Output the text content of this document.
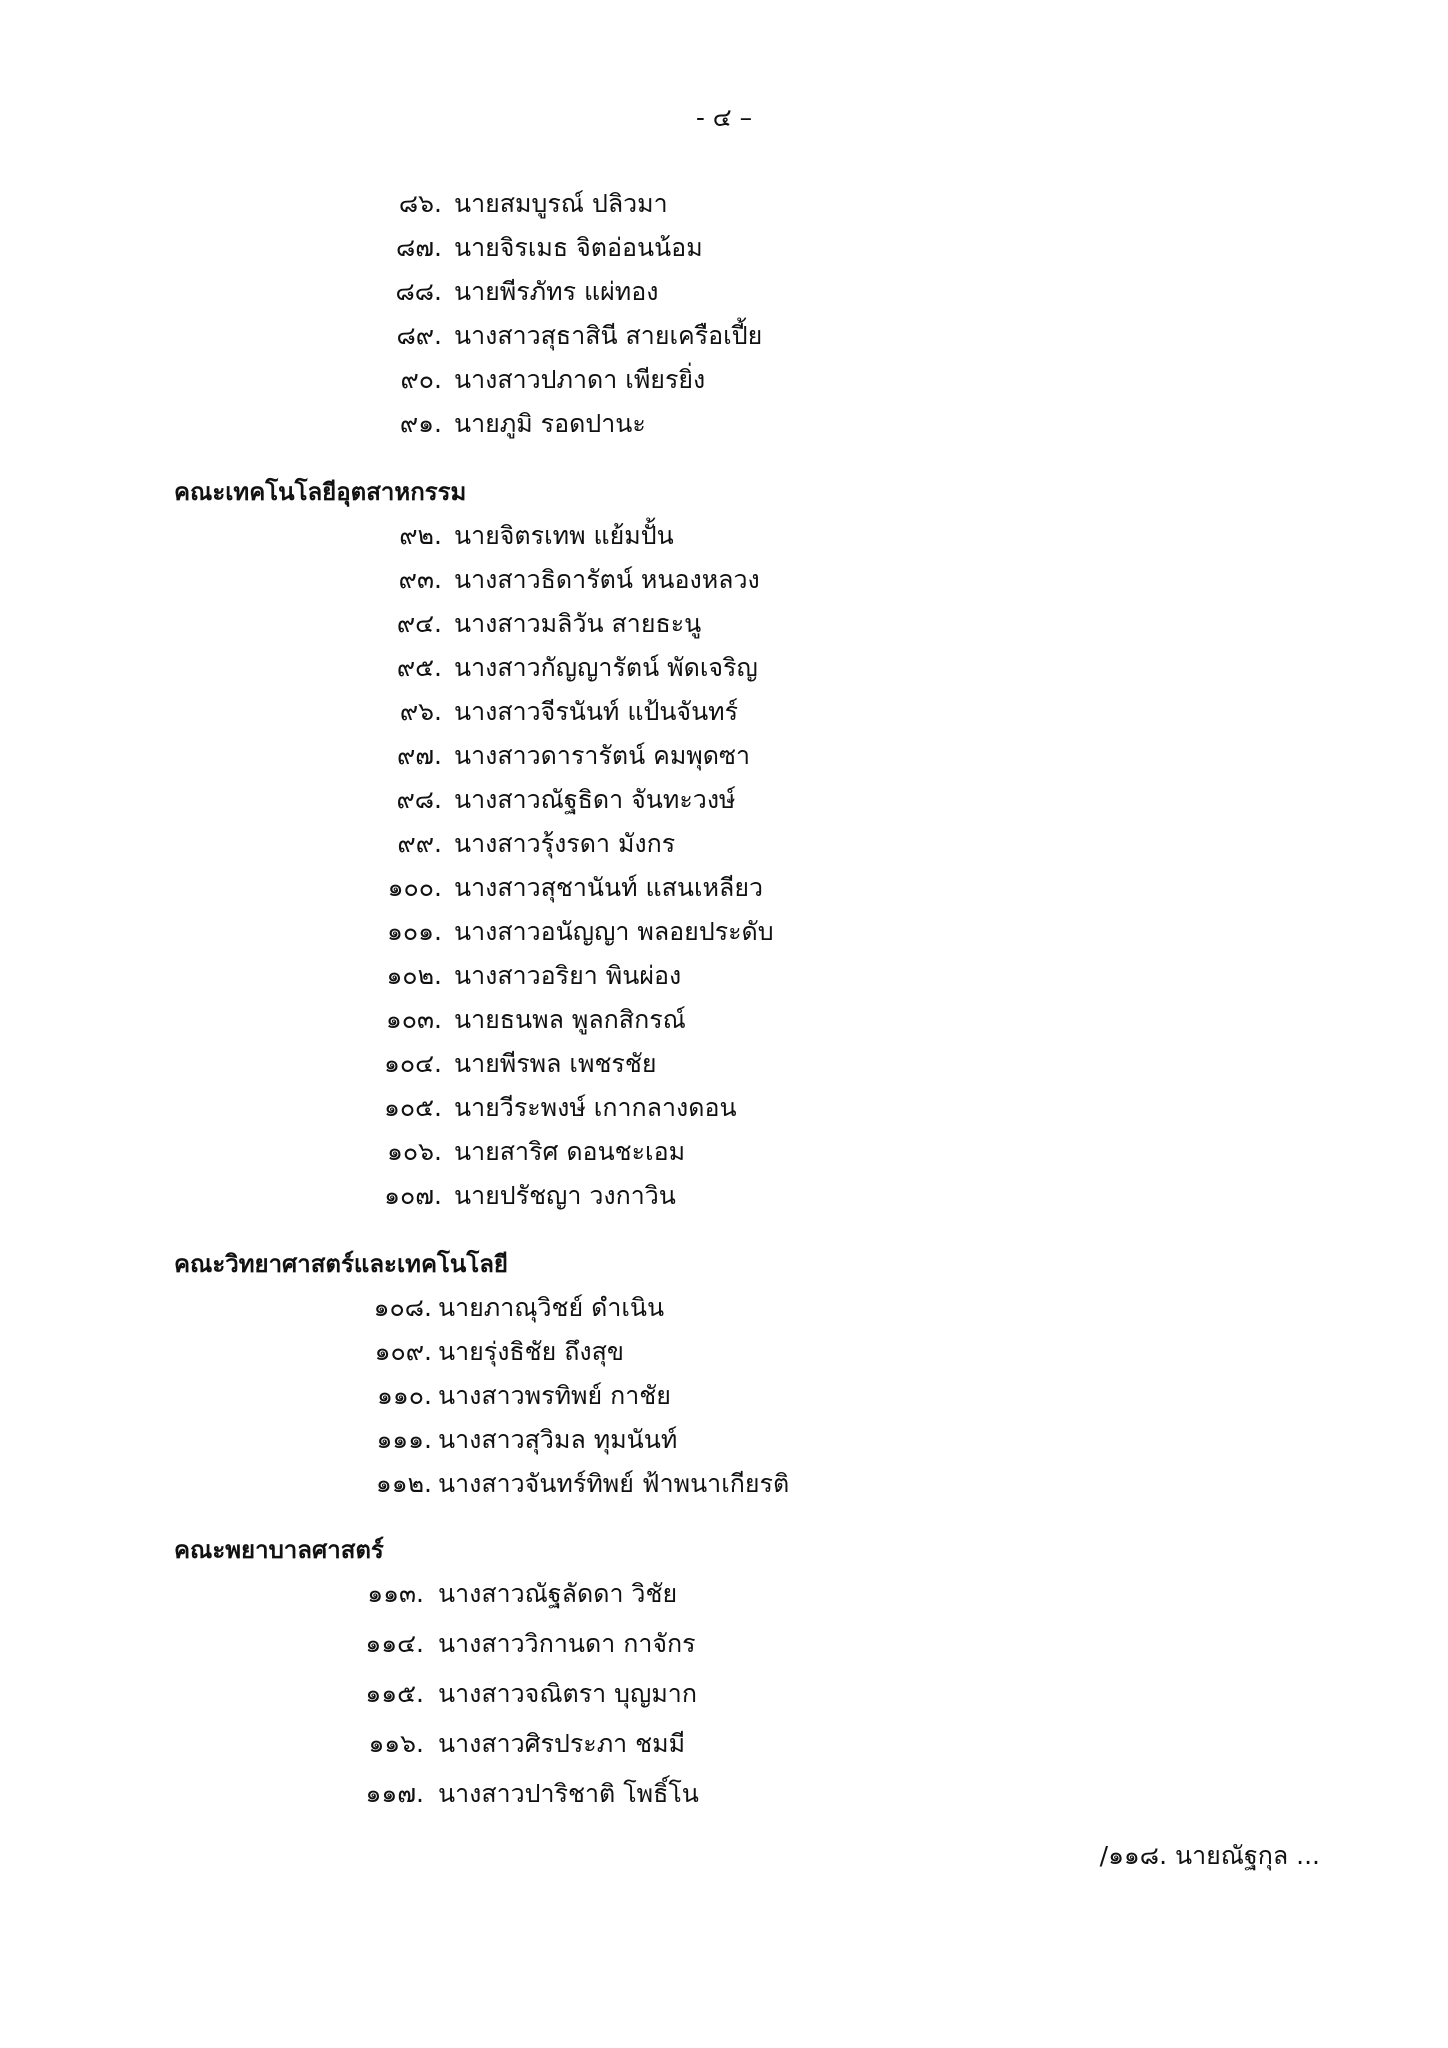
- ๔ –
๘๖. นายสมบูรณ์ ปลิวมา
๘๗. นายจิรเมธ จิตอ่อนน้อม
๘๘. นายพีรภัทร แผ่ทอง
๘๙. นางสาวสุธาสินี สายเครือเปี้ย
๙๐. นางสาวปภาดา เพียรยิ่ง
๙๑. นายภูมิ รอดปานะ
คณะเทคโนโลยีอุตสาหกรรม
๙๒. นายจิตรเทพ แย้มปั้น
๙๓. นางสาวธิดารัตน์ หนองหลวง
๙๔. นางสาวมลิวัน สายธะนู
๙๕. นางสาวกัญญารัตน์ พัดเจริญ
๙๖. นางสาวจีรนันท์ แป้นจันทร์
๙๗. นางสาวดารารัตน์ คมพุดซา
๙๘. นางสาวณัฐธิดา จันทะวงษ์
๙๙. นางสาวรุ้งรดา มังกร
๑๐๐. นางสาวสุชานันท์ แสนเหลียว
๑๐๑. นางสาวอนัญญา พลอยประดับ
๑๐๒. นางสาวอริยา พินผ่อง
๑๐๓. นายธนพล พูลกสิกรณ์
๑๐๔. นายพีรพล เพชรชัย
๑๐๕. นายวีระพงษ์ เกากลางดอน
๑๐๖. นายสาริศ ดอนชะเอม
๑๐๗. นายปรัชญา วงกาวิน
คณะวิทยาศาสตร์และเทคโนโลยี
๑๐๘. นายภาณุวิชย์ ดำเนิน
๑๐๙. นายรุ่งธิชัย ถึงสุข
๑๑๐. นางสาวพรทิพย์ กาชัย
๑๑๑. นางสาวสุวิมล ทุมนันท์
๑๑๒. นางสาวจันทร์ทิพย์ ฟ้าพนาเกียรติ
คณะพยาบาลศาสตร์
๑๑๓. นางสาวณัฐลัดดา วิชัย
๑๑๔. นางสาววิกานดา กาจักร
๑๑๕. นางสาวจณิตรา บุญมาก
๑๑๖. นางสาวศิรประภา ชมมี
๑๑๗. นางสาวปาริชาติ โพธิ์โน
/๑๑๘. นายณัฐกุล ...
